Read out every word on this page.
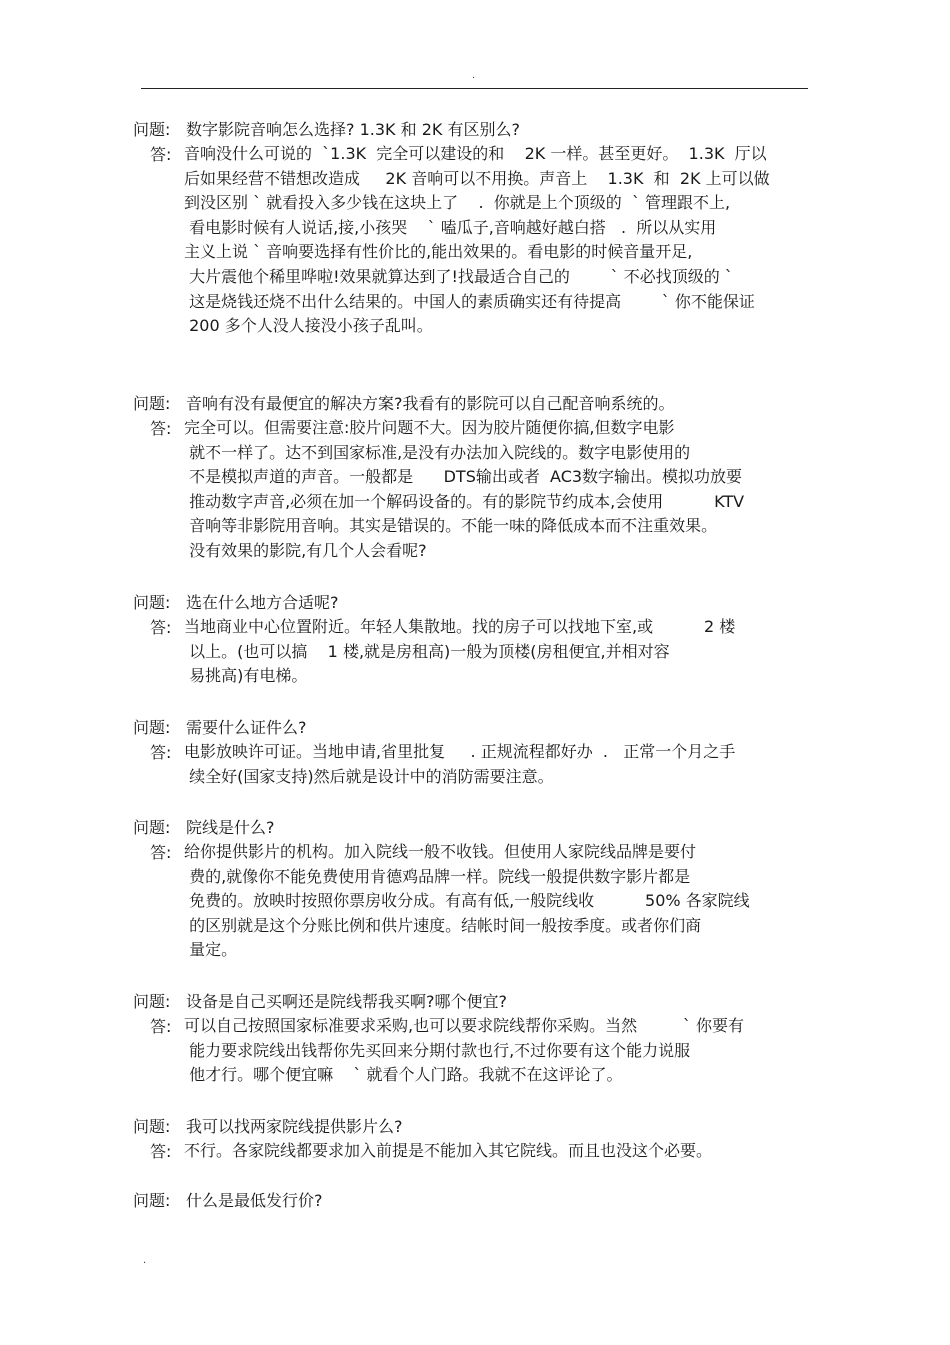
.
问题: 数字影院音响怎么选择? 1.3K 和 2K 有区别么?
答: 音响没什么可说的  `1.3K  完全可以建设的和    2K 一样。甚至更好。  1.3K  厅以
后如果经营不错想改造成     2K 音响可以不用换。声音上    1.3K  和  2K 上可以做
到没区别 ` 就看投入多少钱在这块上了    .  你就是上个顶级的  ` 管理跟不上,
看电影时候有人说话,接,小孩哭    ` 嗑瓜子,音响越好越白搭   .  所以从实用
主义上说 ` 音响要选择有性价比的,能出效果的。看电影的时候音量开足,
大片震他个稀里哗啦!效果就算达到了!找最适合自己的        ` 不必找顶级的 `
这是烧钱还烧不出什么结果的。中国人的素质确实还有待提高        ` 你不能保证
200 多个人没人接没小孩子乱叫。
问题: 音响有没有最便宜的解决方案?我看有的影院可以自己配音响系统的。
答: 完全可以。但需要注意:胶片问题不大。因为胶片随便你搞,但数字电影
就不一样了。达不到国家标准,是没有办法加入院线的。数字电影使用的
不是模拟声道的声音。一般都是      DTS输出或者  AC3数字输出。模拟功放要
推动数字声音,必须在加一个解码设备的。有的影院节约成本,会使用          KTV
音响等非影院用音响。其实是错误的。不能一味的降低成本而不注重效果。
没有效果的影院,有几个人会看呢?
问题: 选在什么地方合适呢?
答: 当地商业中心位置附近。年轻人集散地。找的房子可以找地下室,或          2 楼
以上。(也可以搞    1 楼,就是房租高)一般为顶楼(房租便宜,并相对容
易挑高)有电梯。
问题: 需要什么证件么?
答: 电影放映许可证。当地申请,省里批复     . 正规流程都好办  .   正常一个月之手
续全好(国家支持)然后就是设计中的消防需要注意。
问题: 院线是什么?
答: 给你提供影片的机构。加入院线一般不收钱。但使用人家院线品牌是要付
费的,就像你不能免费使用肯德鸡品牌一样。院线一般提供数字影片都是
免费的。放映时按照你票房收分成。有高有低,一般院线收          50% 各家院线
的区别就是这个分账比例和供片速度。结帐时间一般按季度。或者你们商
量定。
问题: 设备是自己买啊还是院线帮我买啊?哪个便宜?
答: 可以自己按照国家标准要求采购,也可以要求院线帮你采购。当然         ` 你要有
能力要求院线出钱帮你先买回来分期付款也行,不过你要有这个能力说服
他才行。哪个便宜嘛    ` 就看个人门路。我就不在这评论了。
问题: 我可以找两家院线提供影片么?
答: 不行。各家院线都要求加入前提是不能加入其它院线。而且也没这个必要。
问题: 什么是最低发行价?
.
